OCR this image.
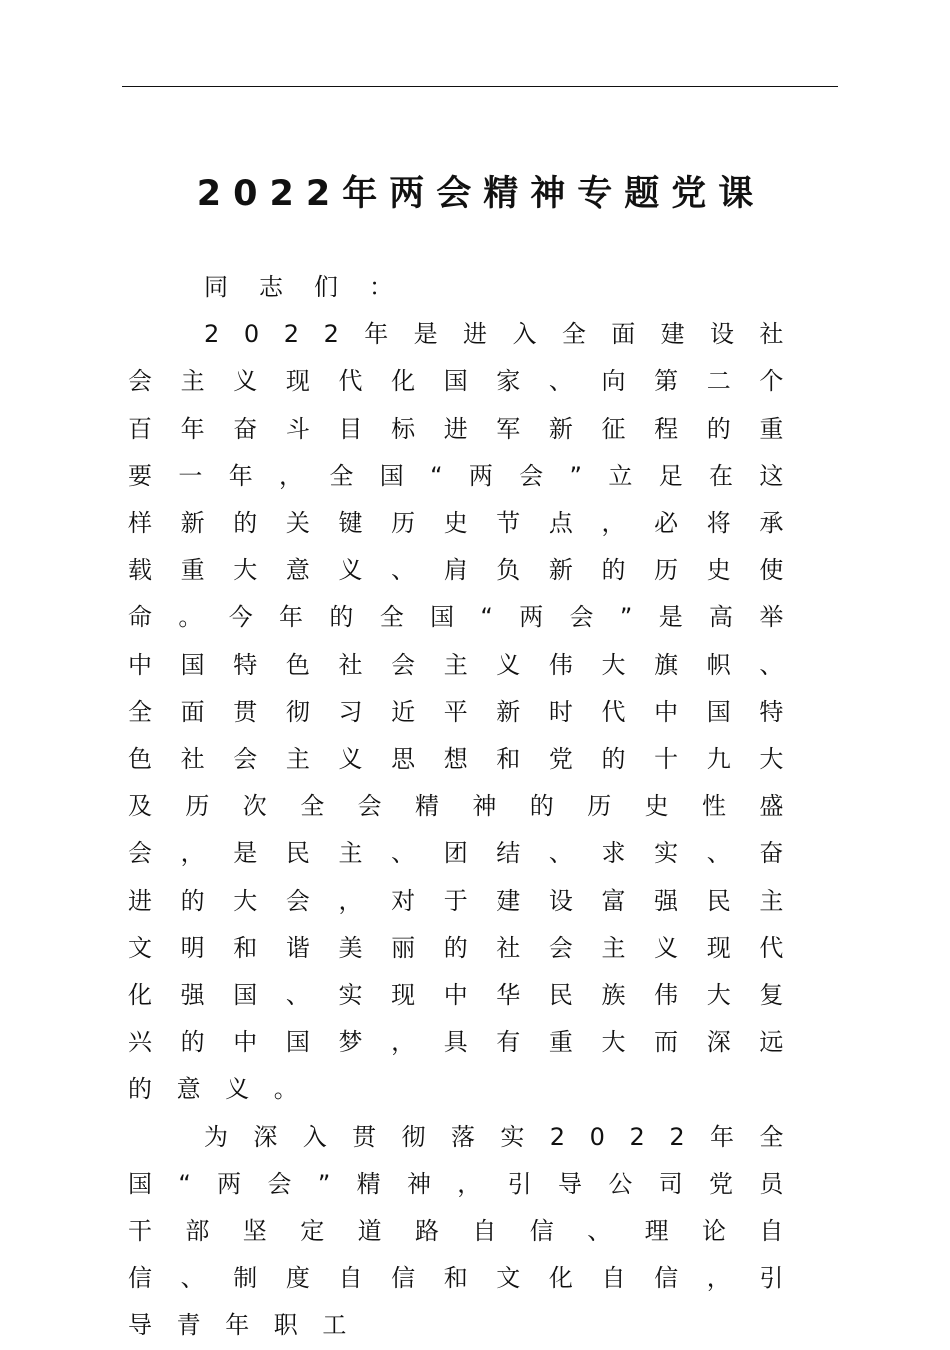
2022年两会精神专题党课

同志们：

2022年是进入全面建设社会主义现代化国家、向第二个百年奋斗目标进军新征程的重要一年，全国“两会”立足在这样新的关键历史节点，必将承载重大意义、肩负新的历史使命。今年的全国“两会”是高举中国特色社会主义伟大旗帜、全面贯彻习近平新时代中国特色社会主义思想和党的十九大及历次全会精神的历史性盛会，是民主、团结、求实、奋进的大会，对于建设富强民主文明和谐美丽的社会主义现代化强国、实现中华民族伟大复兴的中国梦，具有重大而深远的意义。

为深入贯彻落实2022年全国“两会”精神，引导公司党员干部坚定道路自信、理论自信、制度自信和文化自信，引导青年职工
